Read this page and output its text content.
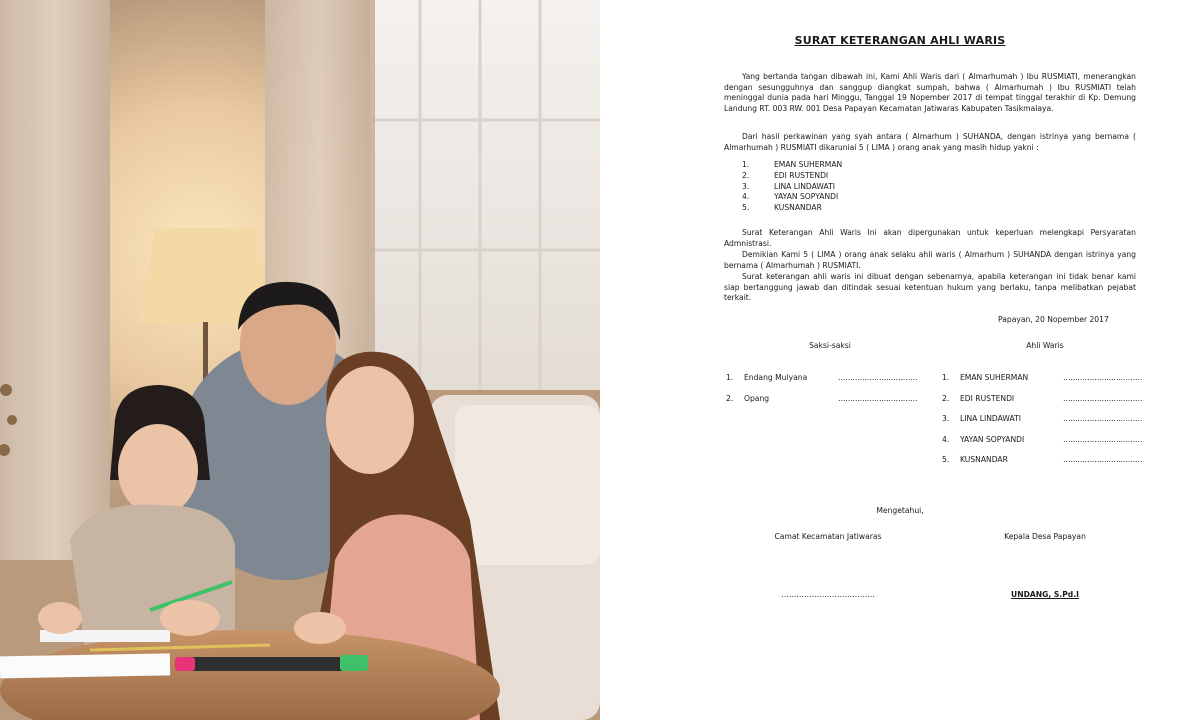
SURAT KETERANGAN AHLI WARIS

Yang bertanda tangan dibawah ini, Kami Ahli Waris dari ( Almarhumah ) Ibu RUSMIATI, menerangkan dengan sesungguhnya dan sanggup diangkat sumpah, bahwa ( Almarhumah ) Ibu RUSMIATI telah meninggal dunia pada hari Minggu, Tanggal 19 Nopember 2017 di tempat tinggal terakhir di Kp. Demung Landung RT. 003 RW. 001 Desa Papayan Kecamatan Jatiwaras Kabupaten Tasikmalaya.

Dari hasil perkawinan yang syah antara ( Almarhum ) SUHANDA, dengan istrinya yang bernama ( Almarhumah ) RUSMIATI dikaruniai 5 ( LIMA ) orang anak yang masih hidup yakni :

1.	EMAN SUHERMAN
2.	EDI RUSTENDI
3.	LINA LINDAWATI
4.	YAYAN SOPYANDI
5.	KUSNANDAR

Surat Keterangan Ahli Waris Ini akan dipergunakan untuk keperluan melengkapi Persyaratan Admnistrasi.

Demikian Kami 5 ( LIMA ) orang anak selaku ahli waris ( Almarhum ) SUHANDA dengan istrinya yang bernama ( Almarhumah ) RUSMIATI.

Surat keterangan ahli waris ini dibuat dengan sebenarnya, apabila keterangan ini tidak benar kami siap bertanggung jawab dan ditindak sesuai ketentuan hukum yang berlaku, tanpa melibatkan pejabat terkait.

Papayan, 20 Nopember 2017
Saksi-saksi	Ahli Waris
1.	Endang Mulyana	……………………………
2.	Opang	……………………………
1.	EMAN SUHERMAN	……………………………
2.	EDI RUSTENDI	……………………………
3.	LINA LINDAWATI	……………………………
4.	YAYAN SOPYANDI	……………………………
5.	KUSNANDAR	……………………………
Mengetahui,
Camat Kecamatan Jatiwaras	Kepala Desa Papayan
……………………………….	UNDANG, S.Pd.I
